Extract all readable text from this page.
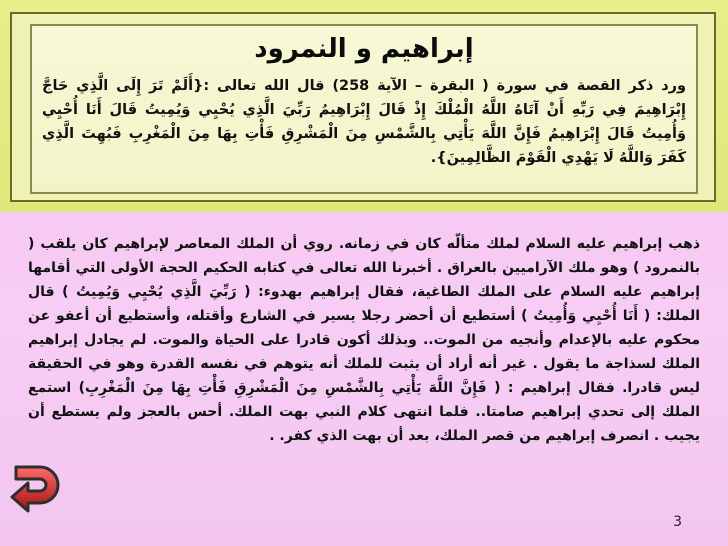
إبراهيم و النمرود
ورد ذكر القصة في سورة ( البقرة – الآية 258) قال الله تعالى :{أَلَمْ تَرَ إِلَى الَّذِي حَاجَّ إِبْرَاهِيمَ فِي رَبِّهِ أَنْ آتَاهُ اللَّهُ الْمُلْكَ إِذْ قَالَ إِبْرَاهِيمُ رَبِّيَ الَّذِي يُحْيِي وَيُمِيتُ قَالَ أَنَا أُحْيِي وَأُمِيتُ قَالَ إِبْرَاهِيمُ فَإِنَّ اللَّهَ يَأْتِي بِالشَّمْسِ مِنَ الْمَشْرِقِ فَأْتِ بِهَا مِنَ الْمَغْرِبِ فَبُهِتَ الَّذِي كَفَرَ وَاللَّهُ لَا يَهْدِي الْقَوْمَ الظَّالِمِينَ}.
ذهب إبراهيم عليه السلام لملك متألّه كان في زمانه. روي أن الملك المعاصر لإبراهيم كان يلقب ( بالنمرود ) وهو ملك الآراميين بالعراق . أخبرنا الله تعالى في كتابه الحكيم الحجة الأولى التي أقامها إبراهيم عليه السلام على الملك الطاغية، فقال إبراهيم بهدوء: ( رَبِّيَ الَّذِي يُحْيِي وَيُمِيتُ ) قال الملك: ( أَنَا أُحْيِي وَأُمِيتُ ) أستطيع أن أحضر رجلا يسير في الشارع وأقتله، وأستطيع أن أعفو عن محكوم عليه بالإعدام وأنجيه من الموت.. وبذلك أكون قادرا على الحياة والموت. لم يجادل إبراهيم الملك لسذاجة ما يقول . غير أنه أراد أن يثبت للملك أنه يتوهم في نفسه القدرة وهو في الحقيقة ليس قادرا. فقال إبراهيم : ( فَإِنَّ اللَّهَ يَأْتِي بِالشَّمْسِ مِنَ الْمَشْرِقِ فَأْتِ بِهَا مِنَ الْمَغْرِبِ) استمع الملك إلى تحدي إبراهيم صامتا.. فلما انتهى كلام النبي بهت الملك. أحس بالعجز ولم يستطع أن يجيب . انصرف إبراهيم من قصر الملك، بعد أن بهت الذي كفر. .
3
